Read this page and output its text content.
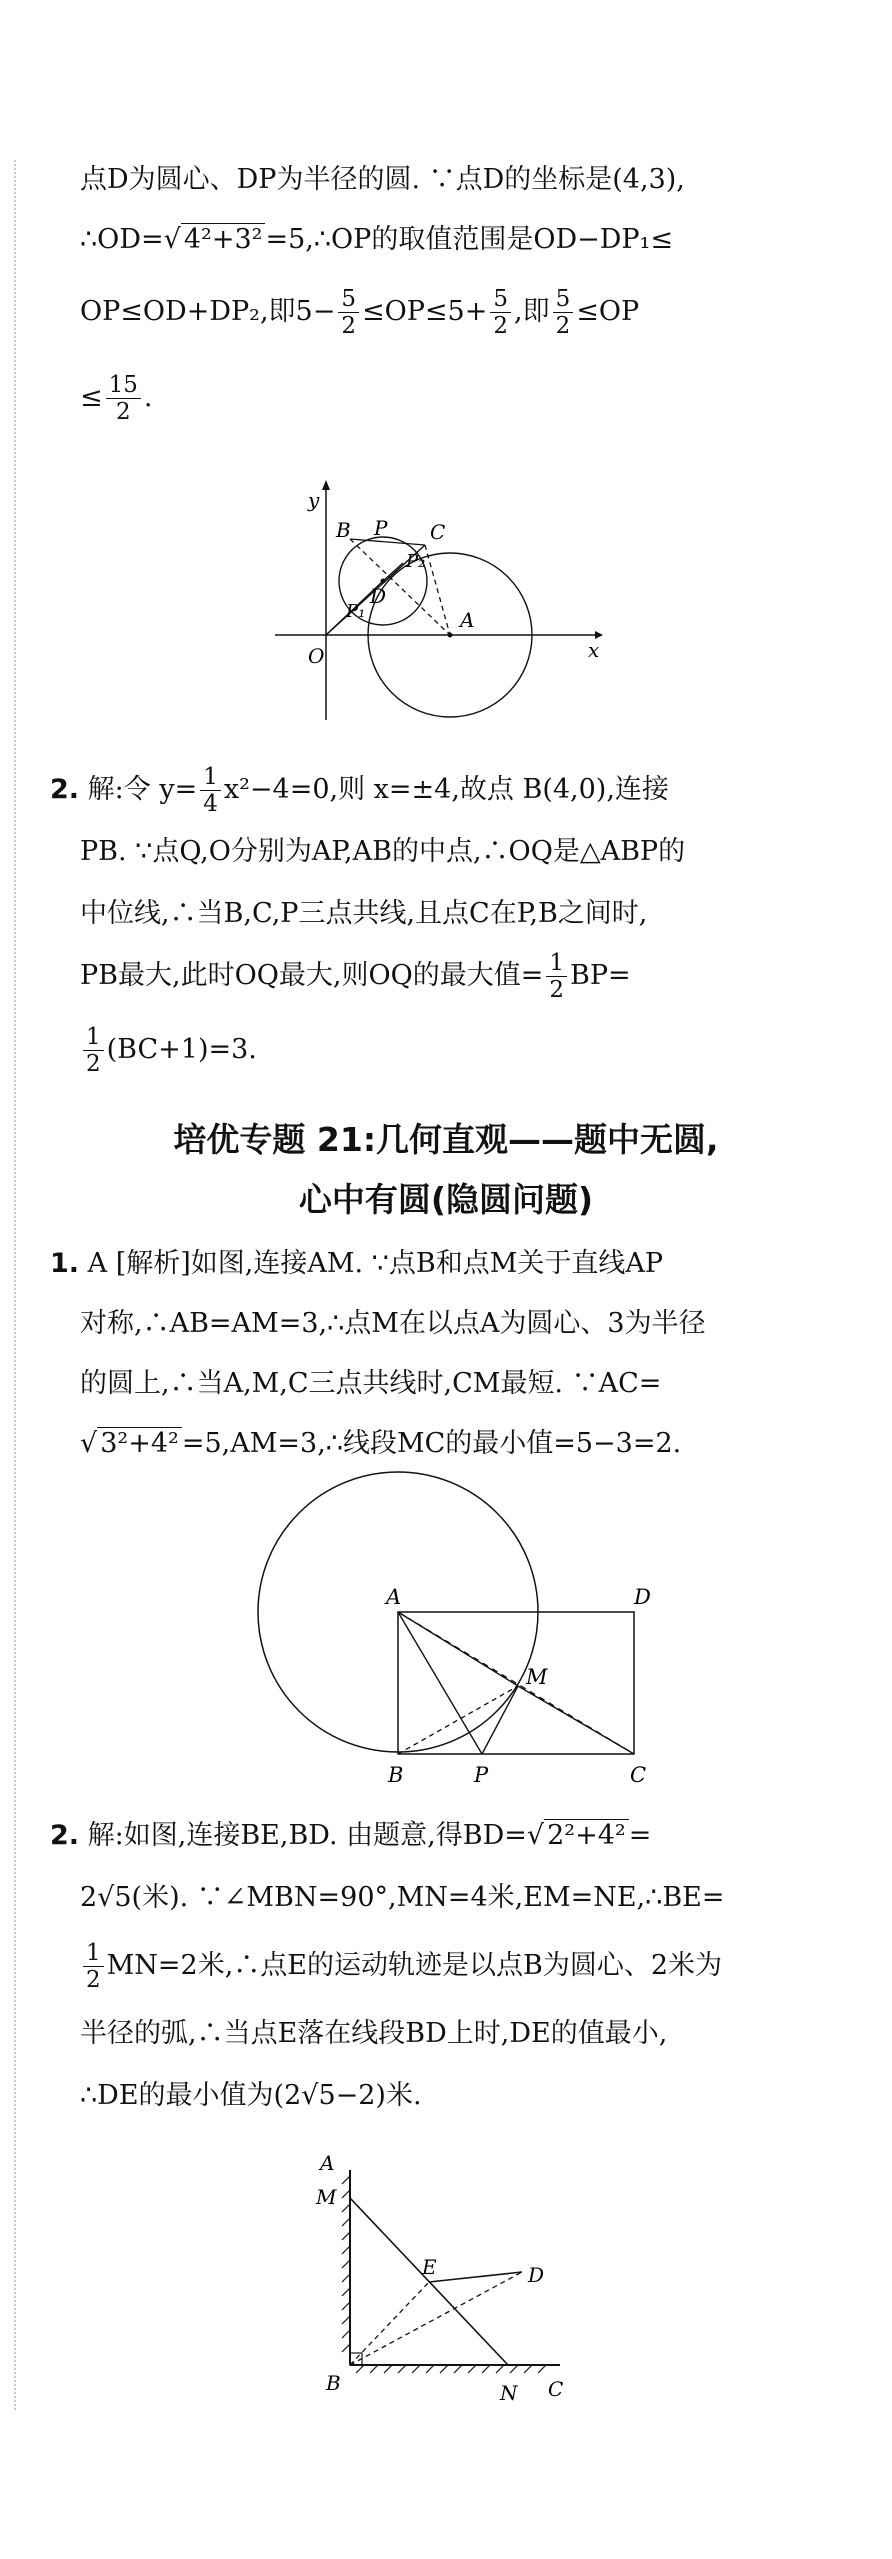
点D为圆心、DP为半径的圆. ∵点D的坐标是(4,3),
∴OD=√ 4²+3² =5,∴OP的取值范围是OD−DP₁≤
OP≤OD+DP₂,即$5- \frac{5}{2} \le OP\le 5+ \frac{5}{2}$ ,即 $\frac{5}{2} \le OP$
≤ $\frac{15}{2}$ .
y
x
O
B P C
P₂
P₁
D
A
2. 解:令 $y= \frac{1}{4} x^2-4=0$,则 x=±4,故点 B(4,0),连接
PB. ∵点Q,O分别为AP,AB的中点,∴OQ是△ABP的
中位线,∴当B,C,P三点共线,且点C在P,B之间时,
PB最大,此时OQ最大,则OQ的最大值= $\frac{1}{2} BP=$
$\frac{1}{2} (BC+1)=3$.
培优专题 21:几何直观——题中无圆,
心中有圆(隐圆问题)
1. A [解析]如图,连接AM. ∵点B和点M关于直线AP
对称,∴AB=AM=3,∴点M在以点A为圆心、3为半径
的圆上,∴当A,M,C三点共线时,CM最短. ∵AC=
√ 3²+4² =5,AM=3,∴线段MC的最小值=5−3=2.
A	D
M
B	P	C
2. 解:如图,连接BE,BD. 由题意,得BD=√ 2²+4² =
2√5(米). ∵∠MBN=90°,MN=4米,EM=NE,∴BE=
$\frac{1}{2} MN=2$米,∴点E的运动轨迹是以点B为圆心、2米为
半径的弧,∴当点E落在线段BD上时,DE的值最小,
∴DE的最小值为(2√5−2)米.
A
M
E	D
B	N C
